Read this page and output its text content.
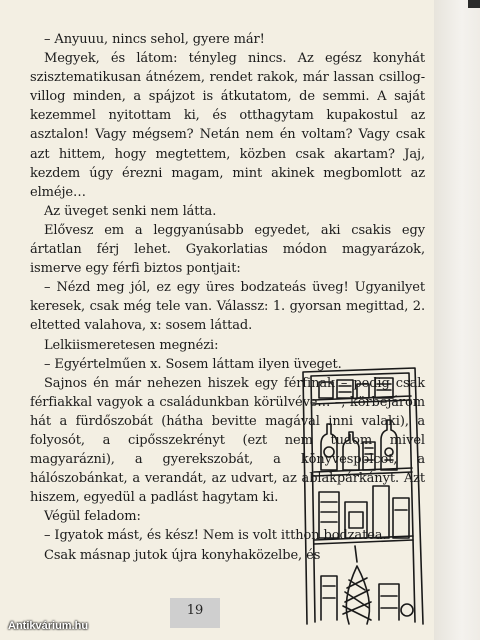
– Anyuuu, nincs sehol, gyere már!

Megyek, és látom: tényleg nincs. Az egész konyhát szisztematikusan átnézem, rendet rakok, már lassan csillog-villog minden, a spájzot is átkutatom, de semmi. A saját kezemmel nyitottam ki, és otthagytam kupakostul az asztalon! Vagy mégsem? Netán nem én voltam? Vagy csak azt hittem, hogy megtettem, közben csak akartam? Jaj, kezdem úgy érezni magam, mint akinek megbomlott az elméje…

Az üveget senki nem látta.

Elővesz em a leggyanúsabb egyedet, aki csakis egy ártatlan férj lehet. Gyakorlatias módon magyarázok, ismerve egy férfi biztos pontjait:

– Nézd meg jól, ez egy üres bodzateás üveg! Ugyanilyet keresek, csak még tele van. Válassz: 1. gyorsan megittad, 2. eltetted valahova, x: sosem láttad.

Lelkiismeretesen megnézi:

– Egyértelműen x. Sosem láttam ilyen üveget.

Sajnos én már nehezen hiszek egy férfinak – pedig csak férfiakkal vagyok a családunkban körülvéve… –, körbejárom hát a fürdőszobát (hátha bevitte magával inni valaki), a folyosót, a cipősszekrényt (ezt nem tudom mivel magyarázni), a gyerekszobát, a könyvespolcot, a hálószobánkat, a verandát, az udvart, az ablakpárkányt. Azt hiszem, egyedül a padlást hagytam ki.

Végül feladom:

– Igyatok mást, és kész! Nem is volt itthon bodzatea.

Csak másnap jutok újra konyhaközelbe, és

19
Antikvárium.hu
